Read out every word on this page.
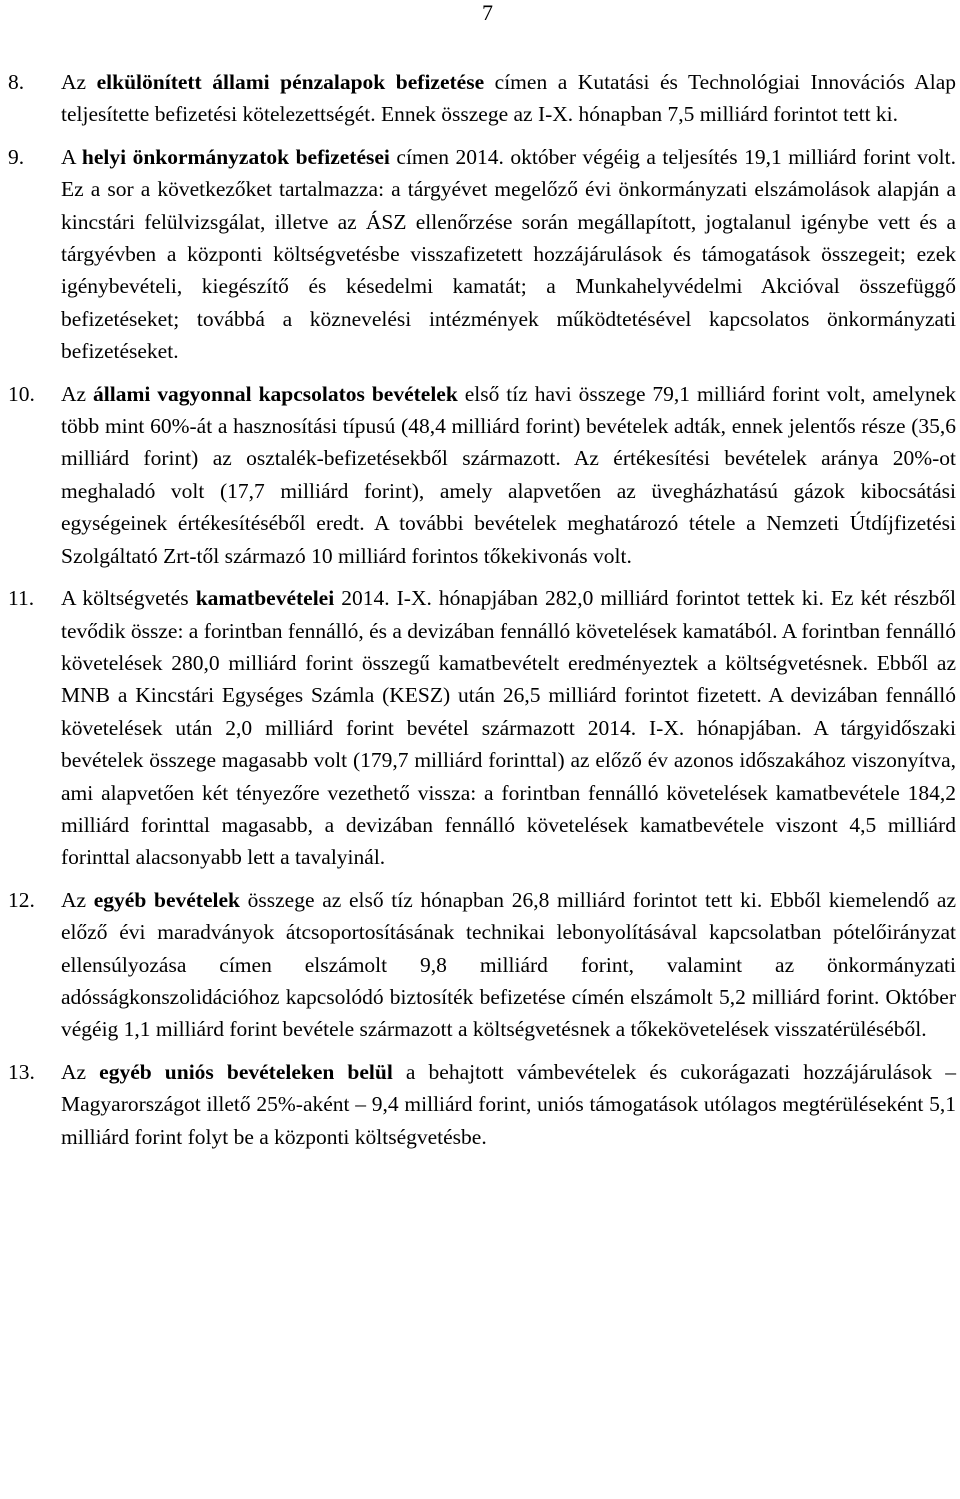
7
8. Az elkülönített állami pénzalapok befizetése címen a Kutatási és Technológiai Innovációs Alap teljesítette befizetési kötelezettségét. Ennek összege az I-X. hónapban 7,5 milliárd forintot tett ki.
9. A helyi önkormányzatok befizetései címen 2014. október végéig a teljesítés 19,1 milliárd forint volt. Ez a sor a következőket tartalmazza: a tárgyévet megelőző évi önkormányzati elszámolások alapján a kincstári felülvizsgálat, illetve az ÁSZ ellenőrzése során megállapított, jogtalanul igénybe vett és a tárgyévben a központi költségvetésbe visszafizetett hozzájárulások és támogatások összegeit; ezek igénybevételi, kiegészítő és késedelmi kamatát; a Munkahelyvédelmi Akcióval összefüggő befizetéseket; továbbá a köznevelési intézmények működtetésével kapcsolatos önkormányzati befizetéseket.
10. Az állami vagyonnal kapcsolatos bevételek első tíz havi összege 79,1 milliárd forint volt, amelynek több mint 60%-át a hasznosítási típusú (48,4 milliárd forint) bevételek adták, ennek jelentős része (35,6 milliárd forint) az osztalék-befizetésekből származott. Az értékesítési bevételek aránya 20%-ot meghaladó volt (17,7 milliárd forint), amely alapvetően az üvegházhatású gázok kibocsátási egységeinek értékesítéséből eredt. A további bevételek meghatározó tétele a Nemzeti Útdíjfizetési Szolgáltató Zrt-től származó 10 milliárd forintos tőkekivonás volt.
11. A költségvetés kamatbevételei 2014. I-X. hónapjában 282,0 milliárd forintot tettek ki. Ez két részből tevődik össze: a forintban fennálló, és a devizában fennálló követelések kamatából. A forintban fennálló követelések 280,0 milliárd forint összegű kamatbevételt eredményeztek a költségvetésnek. Ebből az MNB a Kincstári Egységes Számla (KESZ) után 26,5 milliárd forintot fizetett. A devizában fennálló követelések után 2,0 milliárd forint bevétel származott 2014. I-X. hónapjában. A tárgyidőszaki bevételek összege magasabb volt (179,7 milliárd forinttal) az előző év azonos időszakához viszonyítva, ami alapvetően két tényezőre vezethető vissza: a forintban fennálló követelések kamatbevétele 184,2 milliárd forinttal magasabb, a devizában fennálló követelések kamatbevétele viszont 4,5 milliárd forinttal alacsonyabb lett a tavalyinál.
12. Az egyéb bevételek összege az első tíz hónapban 26,8 milliárd forintot tett ki. Ebből kiemelendő az előző évi maradványok átcsoportosításának technikai lebonyolításával kapcsolatban pótelőirányzat ellensúlyozása címen elszámolt 9,8 milliárd forint, valamint az önkormányzati adósságkonszolidációhoz kapcsolódó biztosíték befizetése címén elszámolt 5,2 milliárd forint. Október végéig 1,1 milliárd forint bevétele származott a költségvetésnek a tőkekövetelések visszatérüléséből.
13. Az egyéb uniós bevételeken belül a behajtott vámbevételek és cukorágazati hozzájárulások – Magyarországot illető 25%-aként – 9,4 milliárd forint, uniós támogatások utólagos megtérüléseként 5,1 milliárd forint folyt be a központi költségvetésbe.
